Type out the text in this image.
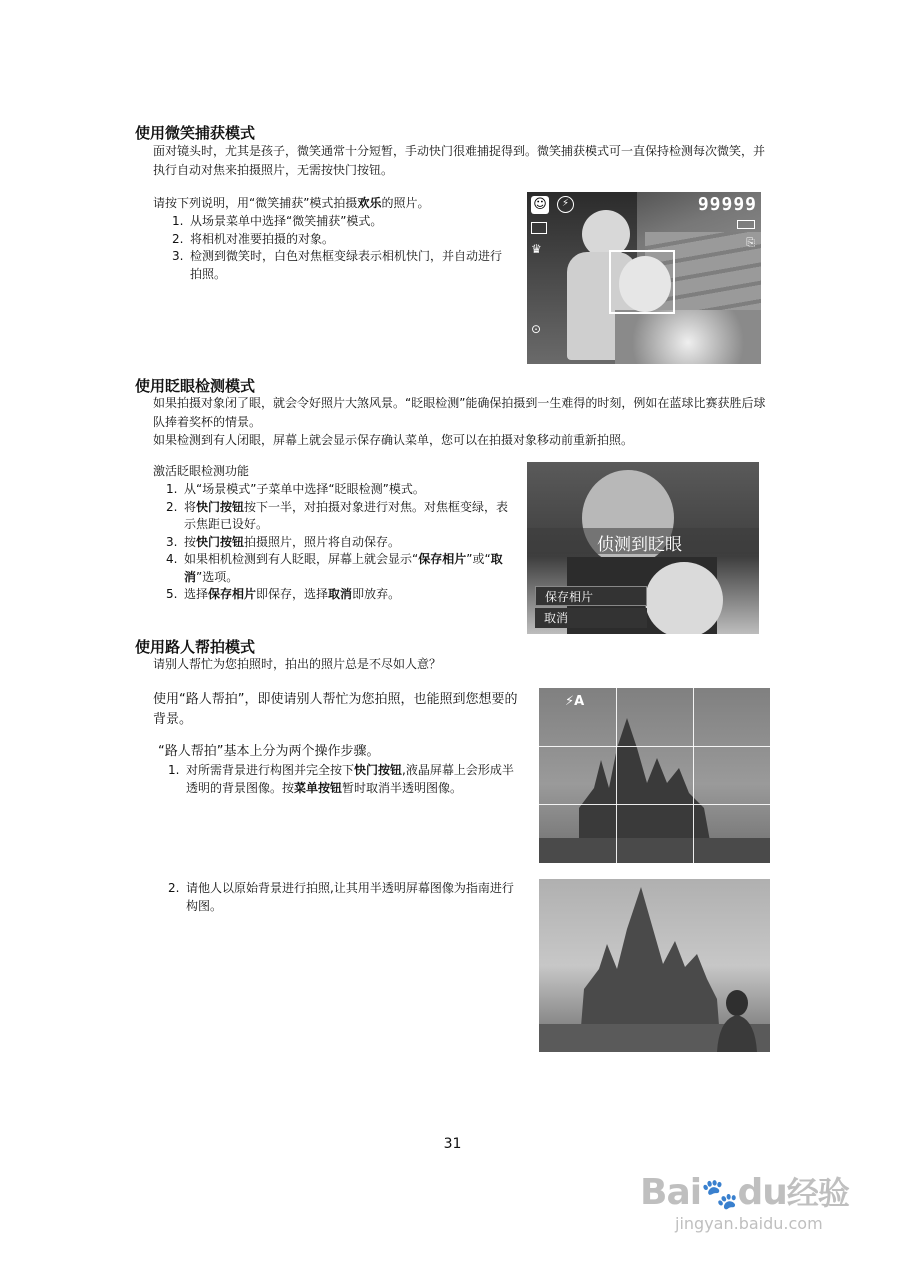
使用微笑捕获模式

面对镜头时，尤其是孩子，微笑通常十分短暂，手动快门很难捕捉得到。微笑捕获模式可一直保持检测每次微笑，并执行自动对焦来拍摄照片，无需按快门按钮。

请按下列说明，用“微笑捕获”模式拍摄欢乐的照片。

1. 从场景菜单中选择“微笑捕获”模式。
2. 将相机对准要拍摄的对象。
3. 检测到微笑时，白色对焦框变绿表示相机快门，并自动进行拍照。
☺	⚡	99999
♛	⎘
⊙
使用眨眼检测模式

如果拍摄对象闭了眼，就会令好照片大煞风景。“眨眼检测”能确保拍摄到一生难得的时刻，例如在蓝球比赛获胜后球队捧着奖杯的情景。

如果检测到有人闭眼，屏幕上就会显示保存确认菜单，您可以在拍摄对象移动前重新拍照。

激活眨眼检测功能

1. 从“场景模式”子菜单中选择“眨眼检测”模式。
2. 将快门按钮按下一半，对拍摄对象进行对焦。对焦框变绿，表示焦距已设好。
3. 按快门按钮拍摄照片，照片将自动保存。
4. 如果相机检测到有人眨眼，屏幕上就会显示“保存相片”或“取消”选项。
5. 选择保存相片即保存，选择取消即放弃。
侦测到眨眼
保存相片
取消
使用路人帮拍模式

请别人帮忙为您拍照时，拍出的照片总是不尽如人意？

使用“路人帮拍”，即使请别人帮忙为您拍照，也能照到您想要的背景。

“路人帮拍”基本上分为两个操作步骤。

1. 对所需背景进行构图并完全按下快门按钮,液晶屏幕上会形成半透明的背景图像。按菜单按钮暂时取消半透明图像。
2. 请他人以原始背景进行拍照,让其用半透明屏幕图像为指南进行构图。
⚡A
31
Bai🐾du经验
jingyan.baidu.com
